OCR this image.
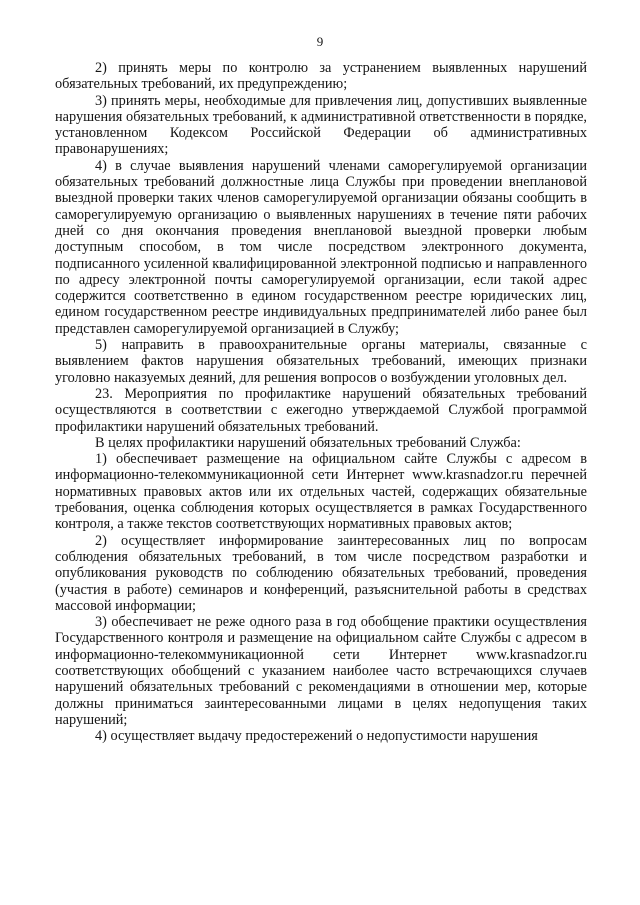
9

2) принять меры по контролю за устранением выявленных нарушений обязательных требований, их предупреждению;

3) принять меры, необходимые для привлечения лиц, допустивших выявленные нарушения обязательных требований, к административной ответственности в порядке, установленном Кодексом Российской Федерации об административных правонарушениях;

4) в случае выявления нарушений членами саморегулируемой организации обязательных требований должностные лица Службы при проведении внеплановой выездной проверки таких членов саморегулируемой организации обязаны сообщить в саморегулируемую организацию о выявленных нарушениях в течение пяти рабочих дней со дня окончания проведения внеплановой выездной проверки любым доступным способом, в том числе посредством электронного документа, подписанного усиленной квалифицированной электронной подписью и направленного по адресу электронной почты саморегулируемой организации, если такой адрес содержится соответственно в едином государственном реестре юридических лиц, едином государственном реестре индивидуальных предпринимателей либо ранее был представлен саморегулируемой организацией в Службу;

5) направить в правоохранительные органы материалы, связанные с выявлением фактов нарушения обязательных требований, имеющих признаки уголовно наказуемых деяний, для решения вопросов о возбуждении уголовных дел.

23. Мероприятия по профилактике нарушений обязательных требований осуществляются в соответствии с ежегодно утверждаемой Службой программой профилактики нарушений обязательных требований.

В целях профилактики нарушений обязательных требований Служба:

1) обеспечивает размещение на официальном сайте Службы с адресом в информационно-телекоммуникационной сети Интернет www.krasnadzor.ru перечней нормативных правовых актов или их отдельных частей, содержащих обязательные требования, оценка соблюдения которых осуществляется в рамках Государственного контроля, а также текстов соответствующих нормативных правовых актов;

2) осуществляет информирование заинтересованных лиц по вопросам соблюдения обязательных требований, в том числе посредством разработки и опубликования руководств по соблюдению обязательных требований, проведения (участия в работе) семинаров и конференций, разъяснительной работы в средствах массовой информации;

3) обеспечивает не реже одного раза в год обобщение практики осуществления Государственного контроля и размещение на официальном сайте Службы с адресом в информационно-телекоммуникационной сети Интернет www.krasnadzor.ru соответствующих обобщений с указанием наиболее часто встречающихся случаев нарушений обязательных требований с рекомендациями в отношении мер, которые должны приниматься заинтересованными лицами в целях недопущения таких нарушений;

4) осуществляет выдачу предостережений о недопустимости нарушения
